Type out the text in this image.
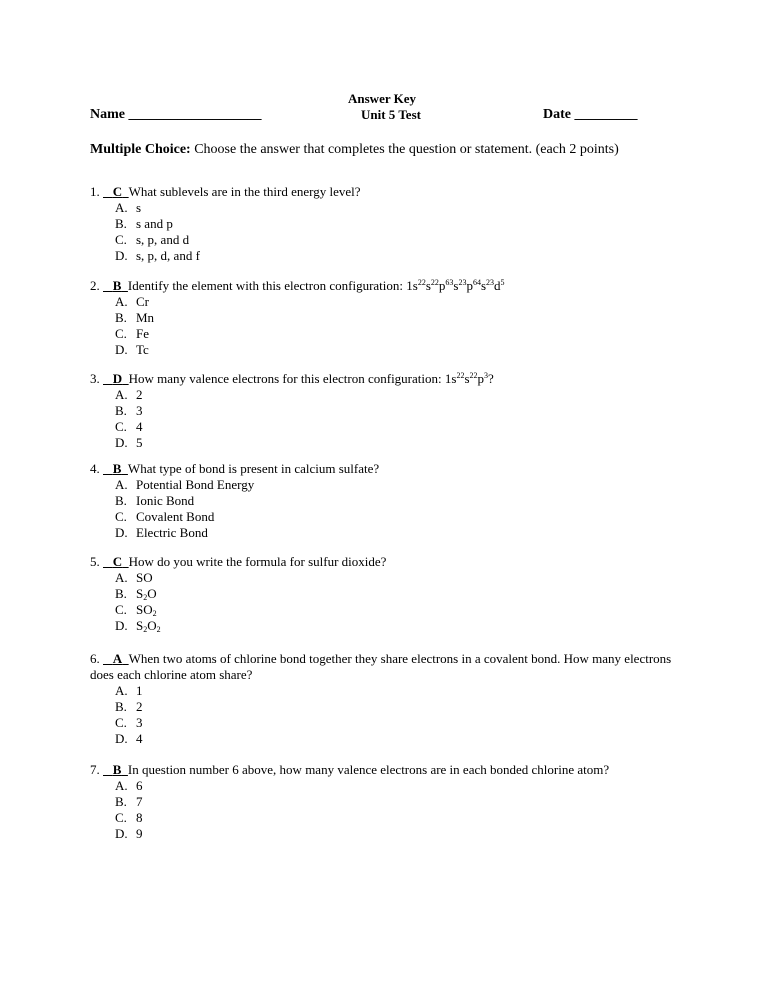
Answer Key
Unit 5 Test
Name ___________________	Date _________
Multiple Choice: Choose the answer that completes the question or statement. (each 2 points)
1. C What sublevels are in the third energy level?
A. s
B. s and p
C. s, p, and d
D. s, p, d, and f
2. B Identify the element with this electron configuration: $1s^{22}s^{22}p^{63}s^{23}p^{64}s^{23}d^5$
A. Cr
B. Mn
C. Fe
D. Tc
3. D How many valence electrons for this electron configuration: $1s^{22}s^{22}p^3$?
A. 2
B. 3
C. 4
D. 5
4. B What type of bond is present in calcium sulfate?
A. Potential Bond Energy
B. Ionic Bond
C. Covalent Bond
D. Electric Bond
5. C How do you write the formula for sulfur dioxide?
A. SO
B. $S_2O$
C. $SO_2$
D. $S_2O_2$
6. A When two atoms of chlorine bond together they share electrons in a covalent bond. How many electrons does each chlorine atom share?
A. 1
B. 2
C. 3
D. 4
7. B In question number 6 above, how many valence electrons are in each bonded chlorine atom?
A. 6
B. 7
C. 8
D. 9
